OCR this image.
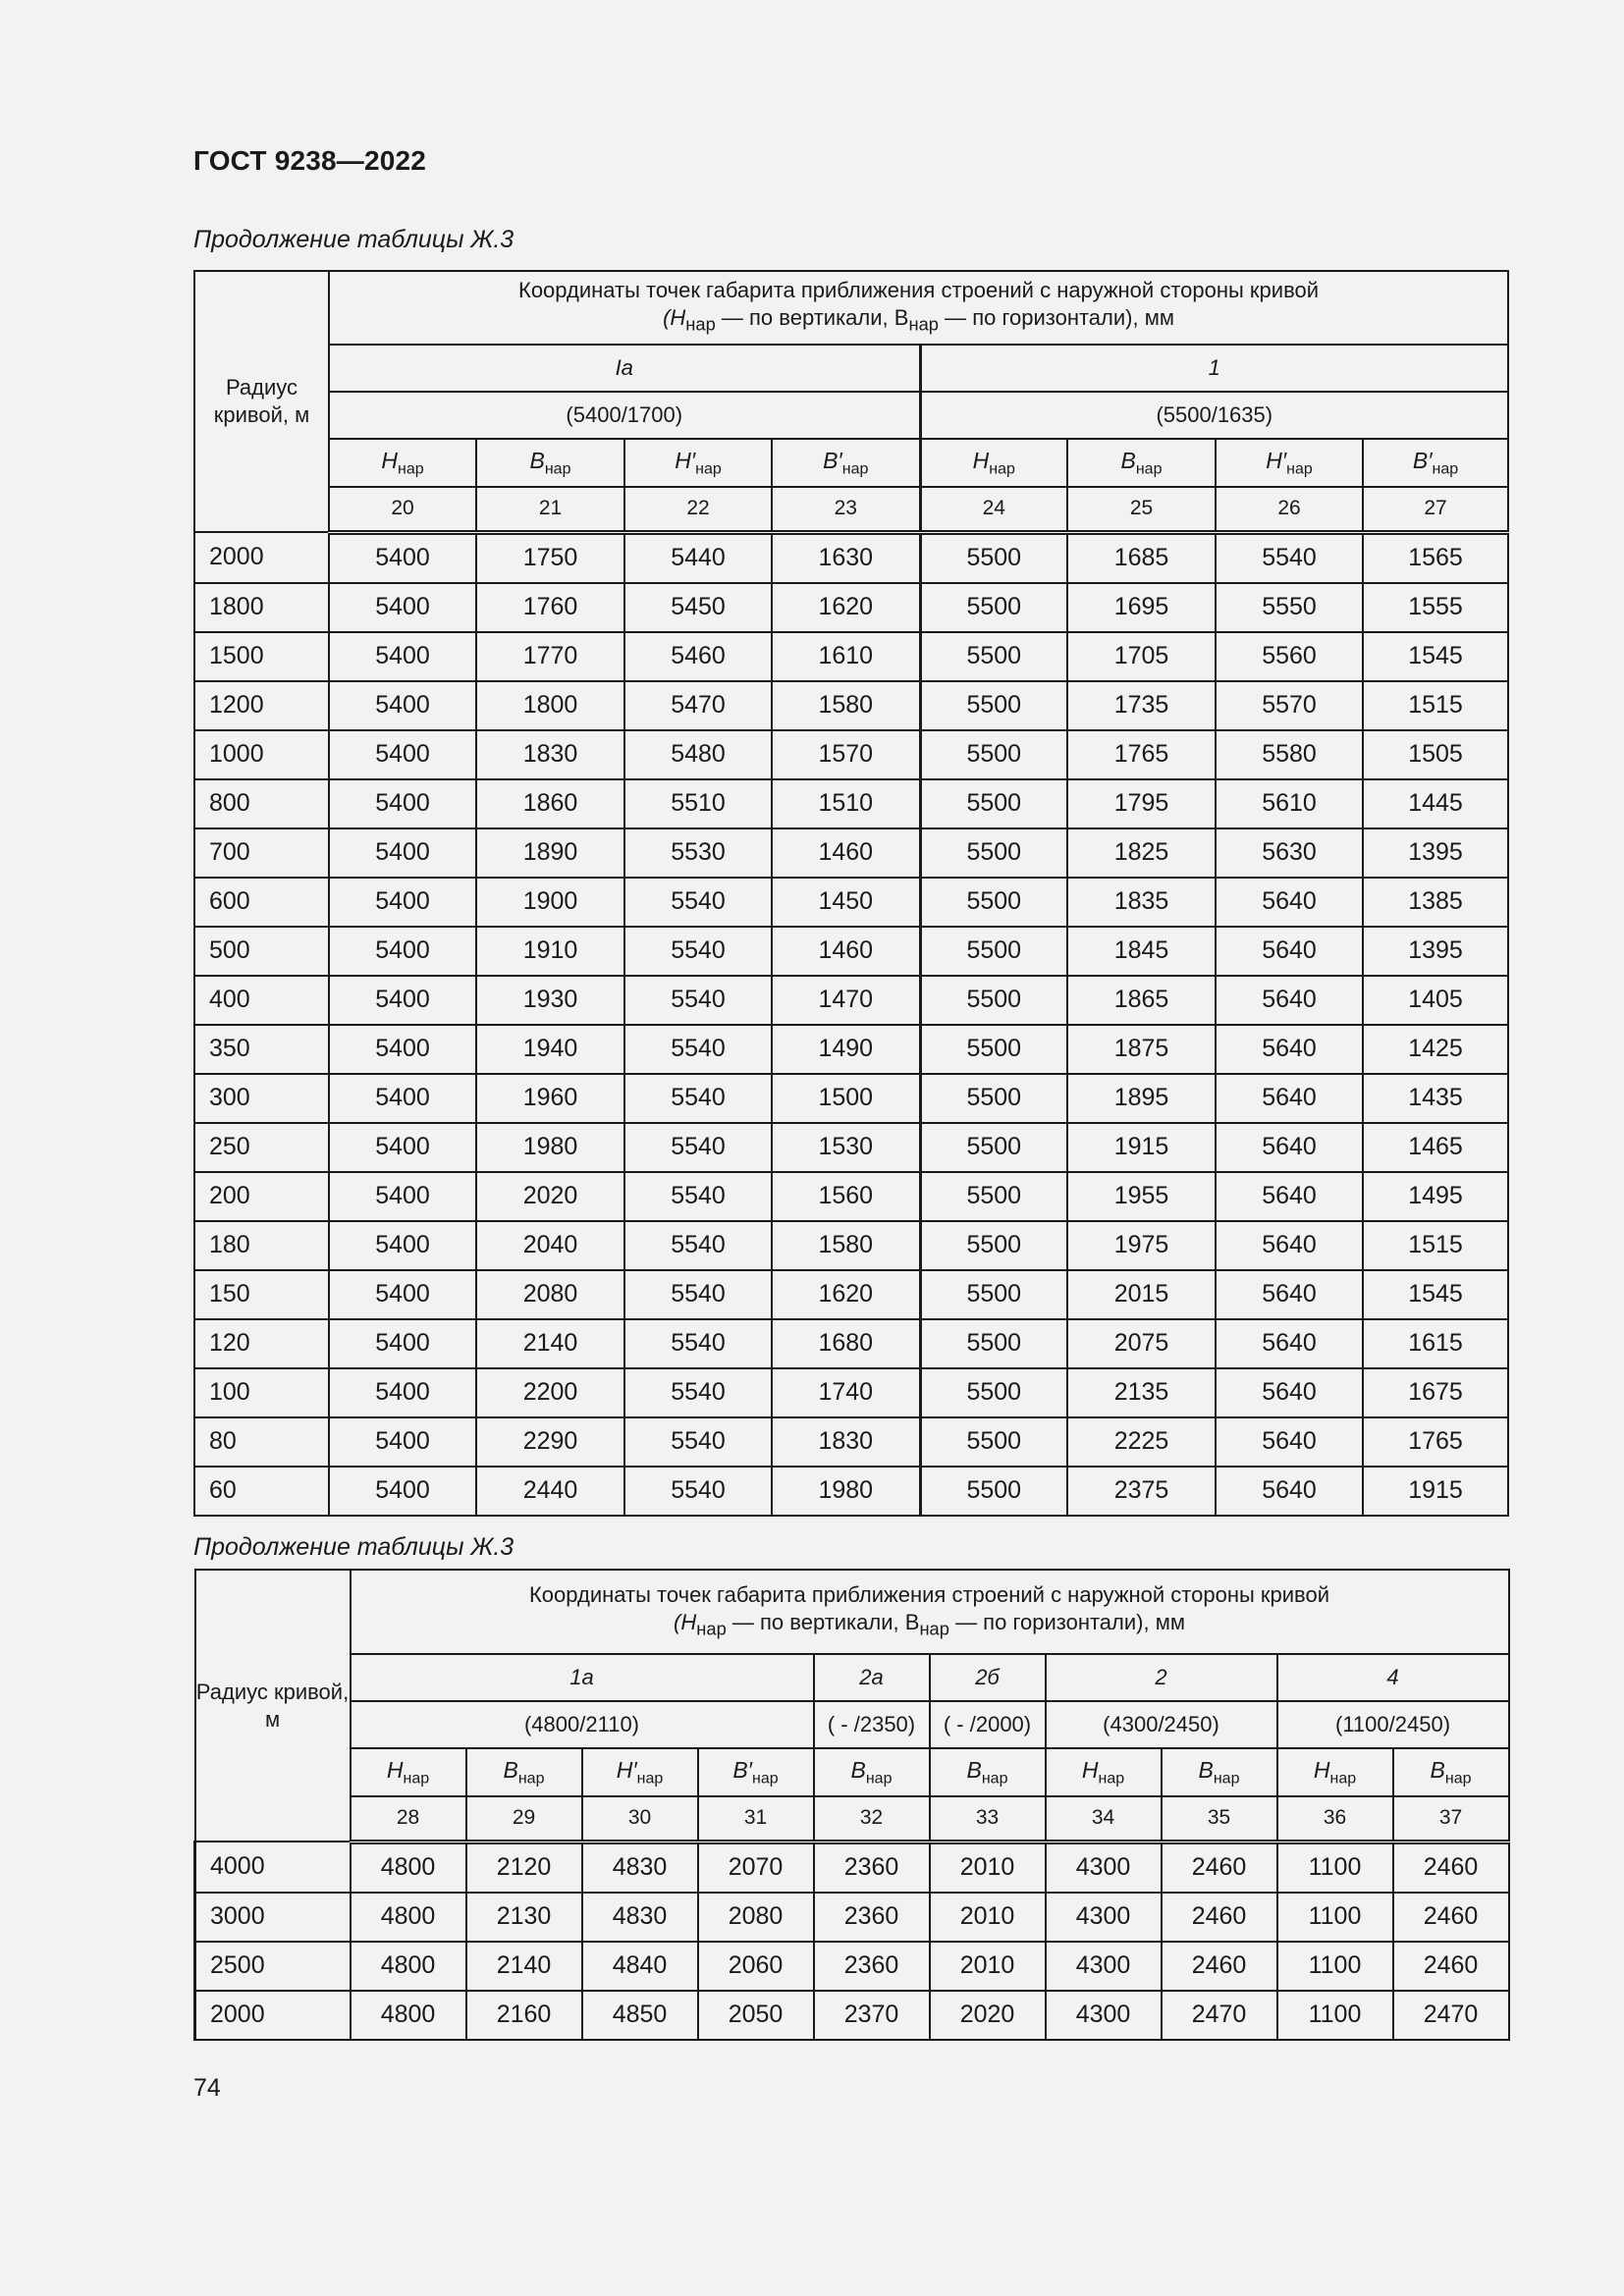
ГОСТ 9238—2022
Продолжение таблицы Ж.3
Радиус кривой, м	Координаты точек габарита приближения строений с наружной стороны кривой
($H_{нар}$ — по вертикали, $B_{нар}$ — по горизонтали), мм							
	Iа				1			
	(5400/1700)				(5500/1635)			
	$H_{нар}$	$B_{нар}$	$H'_{нар}$	$B'_{нар}$	$H_{нар}$	$B_{нар}$	$H'_{нар}$	$B'_{нар}$
	20	21	22	23	24	25	26	27
2000	5400	1750	5440	1630	5500	1685	5540	1565
1800	5400	1760	5450	1620	5500	1695	5550	1555
1500	5400	1770	5460	1610	5500	1705	5560	1545
1200	5400	1800	5470	1580	5500	1735	5570	1515
1000	5400	1830	5480	1570	5500	1765	5580	1505
800	5400	1860	5510	1510	5500	1795	5610	1445
700	5400	1890	5530	1460	5500	1825	5630	1395
600	5400	1900	5540	1450	5500	1835	5640	1385
500	5400	1910	5540	1460	5500	1845	5640	1395
400	5400	1930	5540	1470	5500	1865	5640	1405
350	5400	1940	5540	1490	5500	1875	5640	1425
300	5400	1960	5540	1500	5500	1895	5640	1435
250	5400	1980	5540	1530	5500	1915	5640	1465
200	5400	2020	5540	1560	5500	1955	5640	1495
180	5400	2040	5540	1580	5500	1975	5640	1515
150	5400	2080	5540	1620	5500	2015	5640	1545
120	5400	2140	5540	1680	5500	2075	5640	1615
100	5400	2200	5540	1740	5500	2135	5640	1675
80	5400	2290	5540	1830	5500	2225	5640	1765
60	5400	2440	5540	1980	5500	2375	5640	1915
Продолжение таблицы Ж.3
Радиус кривой, м	Координаты точек габарита приближения строений с наружной стороны кривой
($H_{нар}$ — по вертикали, $B_{нар}$ — по горизонтали), мм									
	1а				2а	2б	2		4	
	(4800/2110)				( - /2350)	( - /2000)	(4300/2450)		(1100/2450)	
	$H_{нар}$	$B_{нар}$	$H'_{нар}$	$B'_{нар}$	$B_{нар}$	$B_{нар}$	$H_{нар}$	$B_{нар}$	$H_{нар}$	$B_{нар}$
	28	29	30	31	32	33	34	35	36	37
4000	4800	2120	4830	2070	2360	2010	4300	2460	1100	2460
3000	4800	2130	4830	2080	2360	2010	4300	2460	1100	2460
2500	4800	2140	4840	2060	2360	2010	4300	2460	1100	2460
2000	4800	2160	4850	2050	2370	2020	4300	2470	1100	2470
74
